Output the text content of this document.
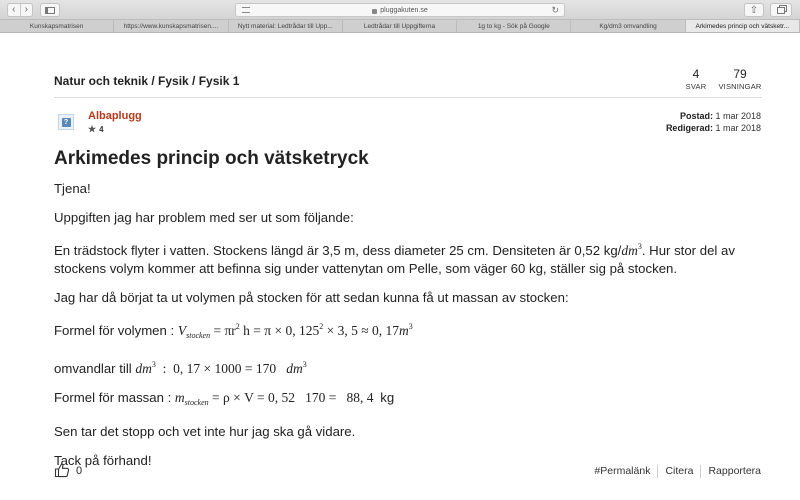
‹ ›	pluggakuten.se	↻	⇧
Kunskapsmatrisen	https://www.kunskapsmatrisen....	Nytt material: Ledtrådar till Upp...	Ledtrådar till Uppgifterna	1g to kg - Sök på Google	Kg/dm3 omvandling	Arkimedes princip och vätsketr...
Natur och teknik / Fysik / Fysik 1	4
SVAR
79
VISNINGAR
? Albaplugg
★ 4
Postad: 1 mar 2018
Redigerad: 1 mar 2018
Arkimedes princip och vätsketryck

Tjena!

Uppgiften jag har problem med ser ut som följande:

En trädstock flyter i vatten. Stockens längd är 3,5 m, dess diameter 25 cm. Densiteten är 0,52 $kg/dm^3$. Hur stor del av stockens volym kommer att befinna sig under vattenytan om Pelle, som väger 60 kg, ställer sig på stocken.

Jag har då börjat ta ut volymen på stocken för att sedan kunna få ut massan av stocken:

Formel för volymen : $V_{stocken} = \pi r^2$ h = π × 0, $125^2 \times 3$, 5 ≈ 0, $17m^3$

omvandlar till $dm^3$  :  0, 17 × 1000 = 170   $dm^3$

Formel för massan : $m_{stocken} = \rho \times V = 0$, 52   170 =   88, 4  kg

Sen tar det stopp och vet inte hur jag ska gå vidare.

Tack på förhand!

0	#Permalänk	Citera	Rapportera
